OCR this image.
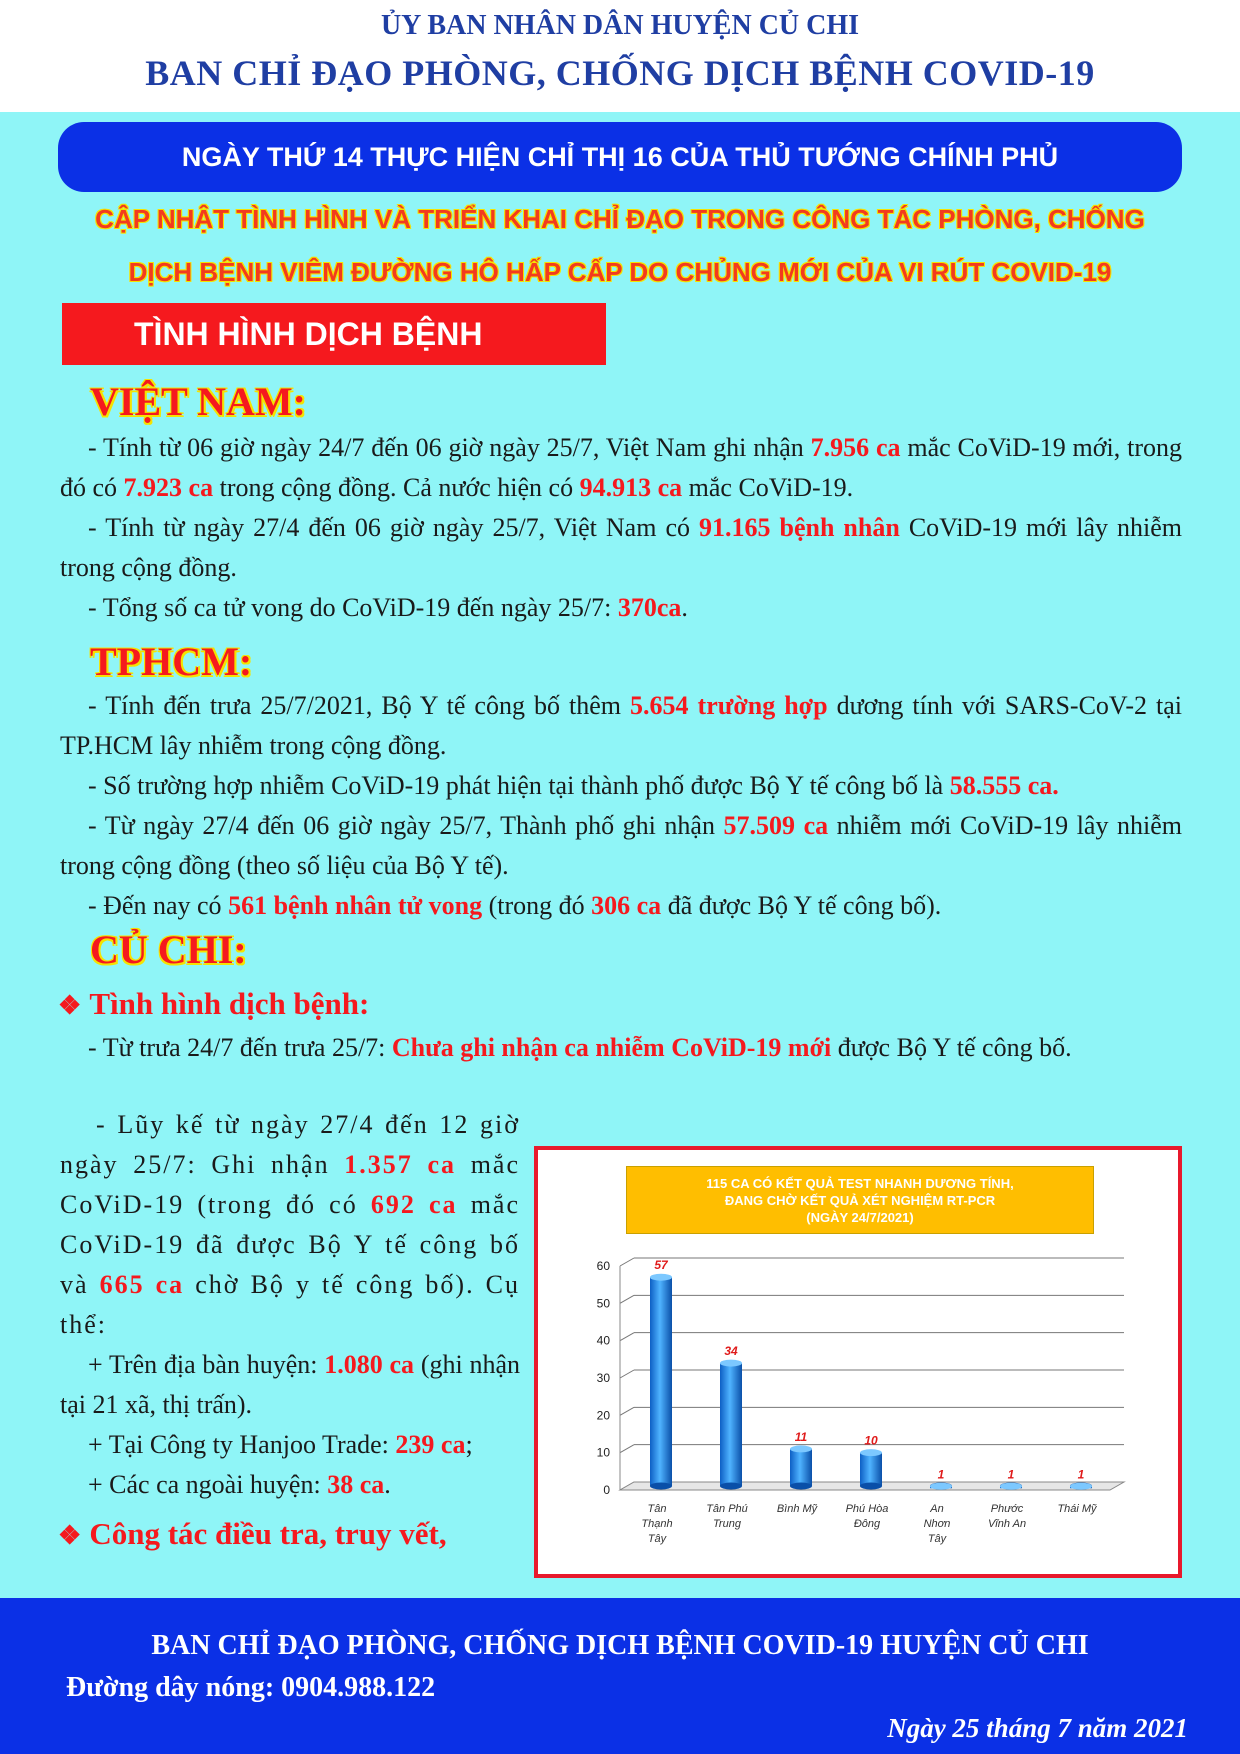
ỦY BAN NHÂN DÂN HUYỆN CỦ CHI
BAN CHỈ ĐẠO PHÒNG, CHỐNG DỊCH BỆNH COVID-19
NGÀY THỨ 14 THỰC HIỆN CHỈ THỊ 16 CỦA THỦ TƯỚNG CHÍNH PHỦ
CẬP NHẬT TÌNH HÌNH VÀ TRIỂN KHAI CHỈ ĐẠO TRONG CÔNG TÁC PHÒNG, CHỐNG
DỊCH BỆNH VIÊM ĐƯỜNG HÔ HẤP CẤP DO CHỦNG MỚI CỦA VI RÚT COVID-19
TÌNH HÌNH DỊCH BỆNH
VIỆT NAM:

- Tính từ 06 giờ ngày 24/7 đến 06 giờ ngày 25/7, Việt Nam ghi nhận 7.956 ca mắc CoViD-19 mới, trong đó có 7.923 ca trong cộng đồng. Cả nước hiện có 94.913 ca mắc CoViD-19.

- Tính từ ngày 27/4 đến 06 giờ ngày 25/7, Việt Nam có 91.165 bệnh nhân CoViD-19 mới lây nhiễm trong cộng đồng.

- Tổng số ca tử vong do CoViD-19 đến ngày 25/7: 370ca.

TPHCM:

- Tính đến trưa 25/7/2021, Bộ Y tế công bố thêm 5.654 trường hợp dương tính với SARS-CoV-2 tại TP.HCM lây nhiễm trong cộng đồng.

- Số trường hợp nhiễm CoViD-19 phát hiện tại thành phố được Bộ Y tế công bố là 58.555 ca.

- Từ ngày 27/4 đến 06 giờ ngày 25/7, Thành phố ghi nhận 57.509 ca nhiễm mới CoViD-19 lây nhiễm trong cộng đồng (theo số liệu của Bộ Y tế).

- Đến nay có 561 bệnh nhân tử vong (trong đó 306 ca đã được Bộ Y tế công bố).

CỦ CHI:
❖ Tình hình dịch bệnh:

- Từ trưa 24/7 đến trưa 25/7: Chưa ghi nhận ca nhiễm CoViD-19 mới được Bộ Y tế công bố.

- Lũy kế từ ngày 27/4 đến 12 giờ ngày 25/7: Ghi nhận 1.357 ca mắc CoViD-19 (trong đó có 692 ca mắc CoViD-19 đã được Bộ Y tế công bố và 665 ca chờ Bộ y tế công bố). Cụ thể:

+ Trên địa bàn huyện: 1.080 ca (ghi nhận tại 21 xã, thị trấn).

+ Tại Công ty Hanjoo Trade: 239 ca;

+ Các ca ngoài huyện: 38 ca.

❖ Công tác điều tra, truy vết,
115 CA CÓ KẾT QUẢ TEST NHANH DƯƠNG TÍNH,
ĐANG CHỜ KẾT QUẢ XÉT NGHIỆM RT-PCR
(NGÀY 24/7/2021)
0
10
20
30
40
50
60	57
Tân
Thạnh
Tây
34
Tân Phú
Trung
11
Bình Mỹ
10
Phú Hòa
Đông
1
An
Nhơn
Tây
1
Phước
Vĩnh An
1
Thái Mỹ
BAN CHỈ ĐẠO PHÒNG, CHỐNG DỊCH BỆNH COVID-19 HUYỆN CỦ CHI
Đường dây nóng: 0904.988.122
Ngày 25 tháng 7 năm 2021
